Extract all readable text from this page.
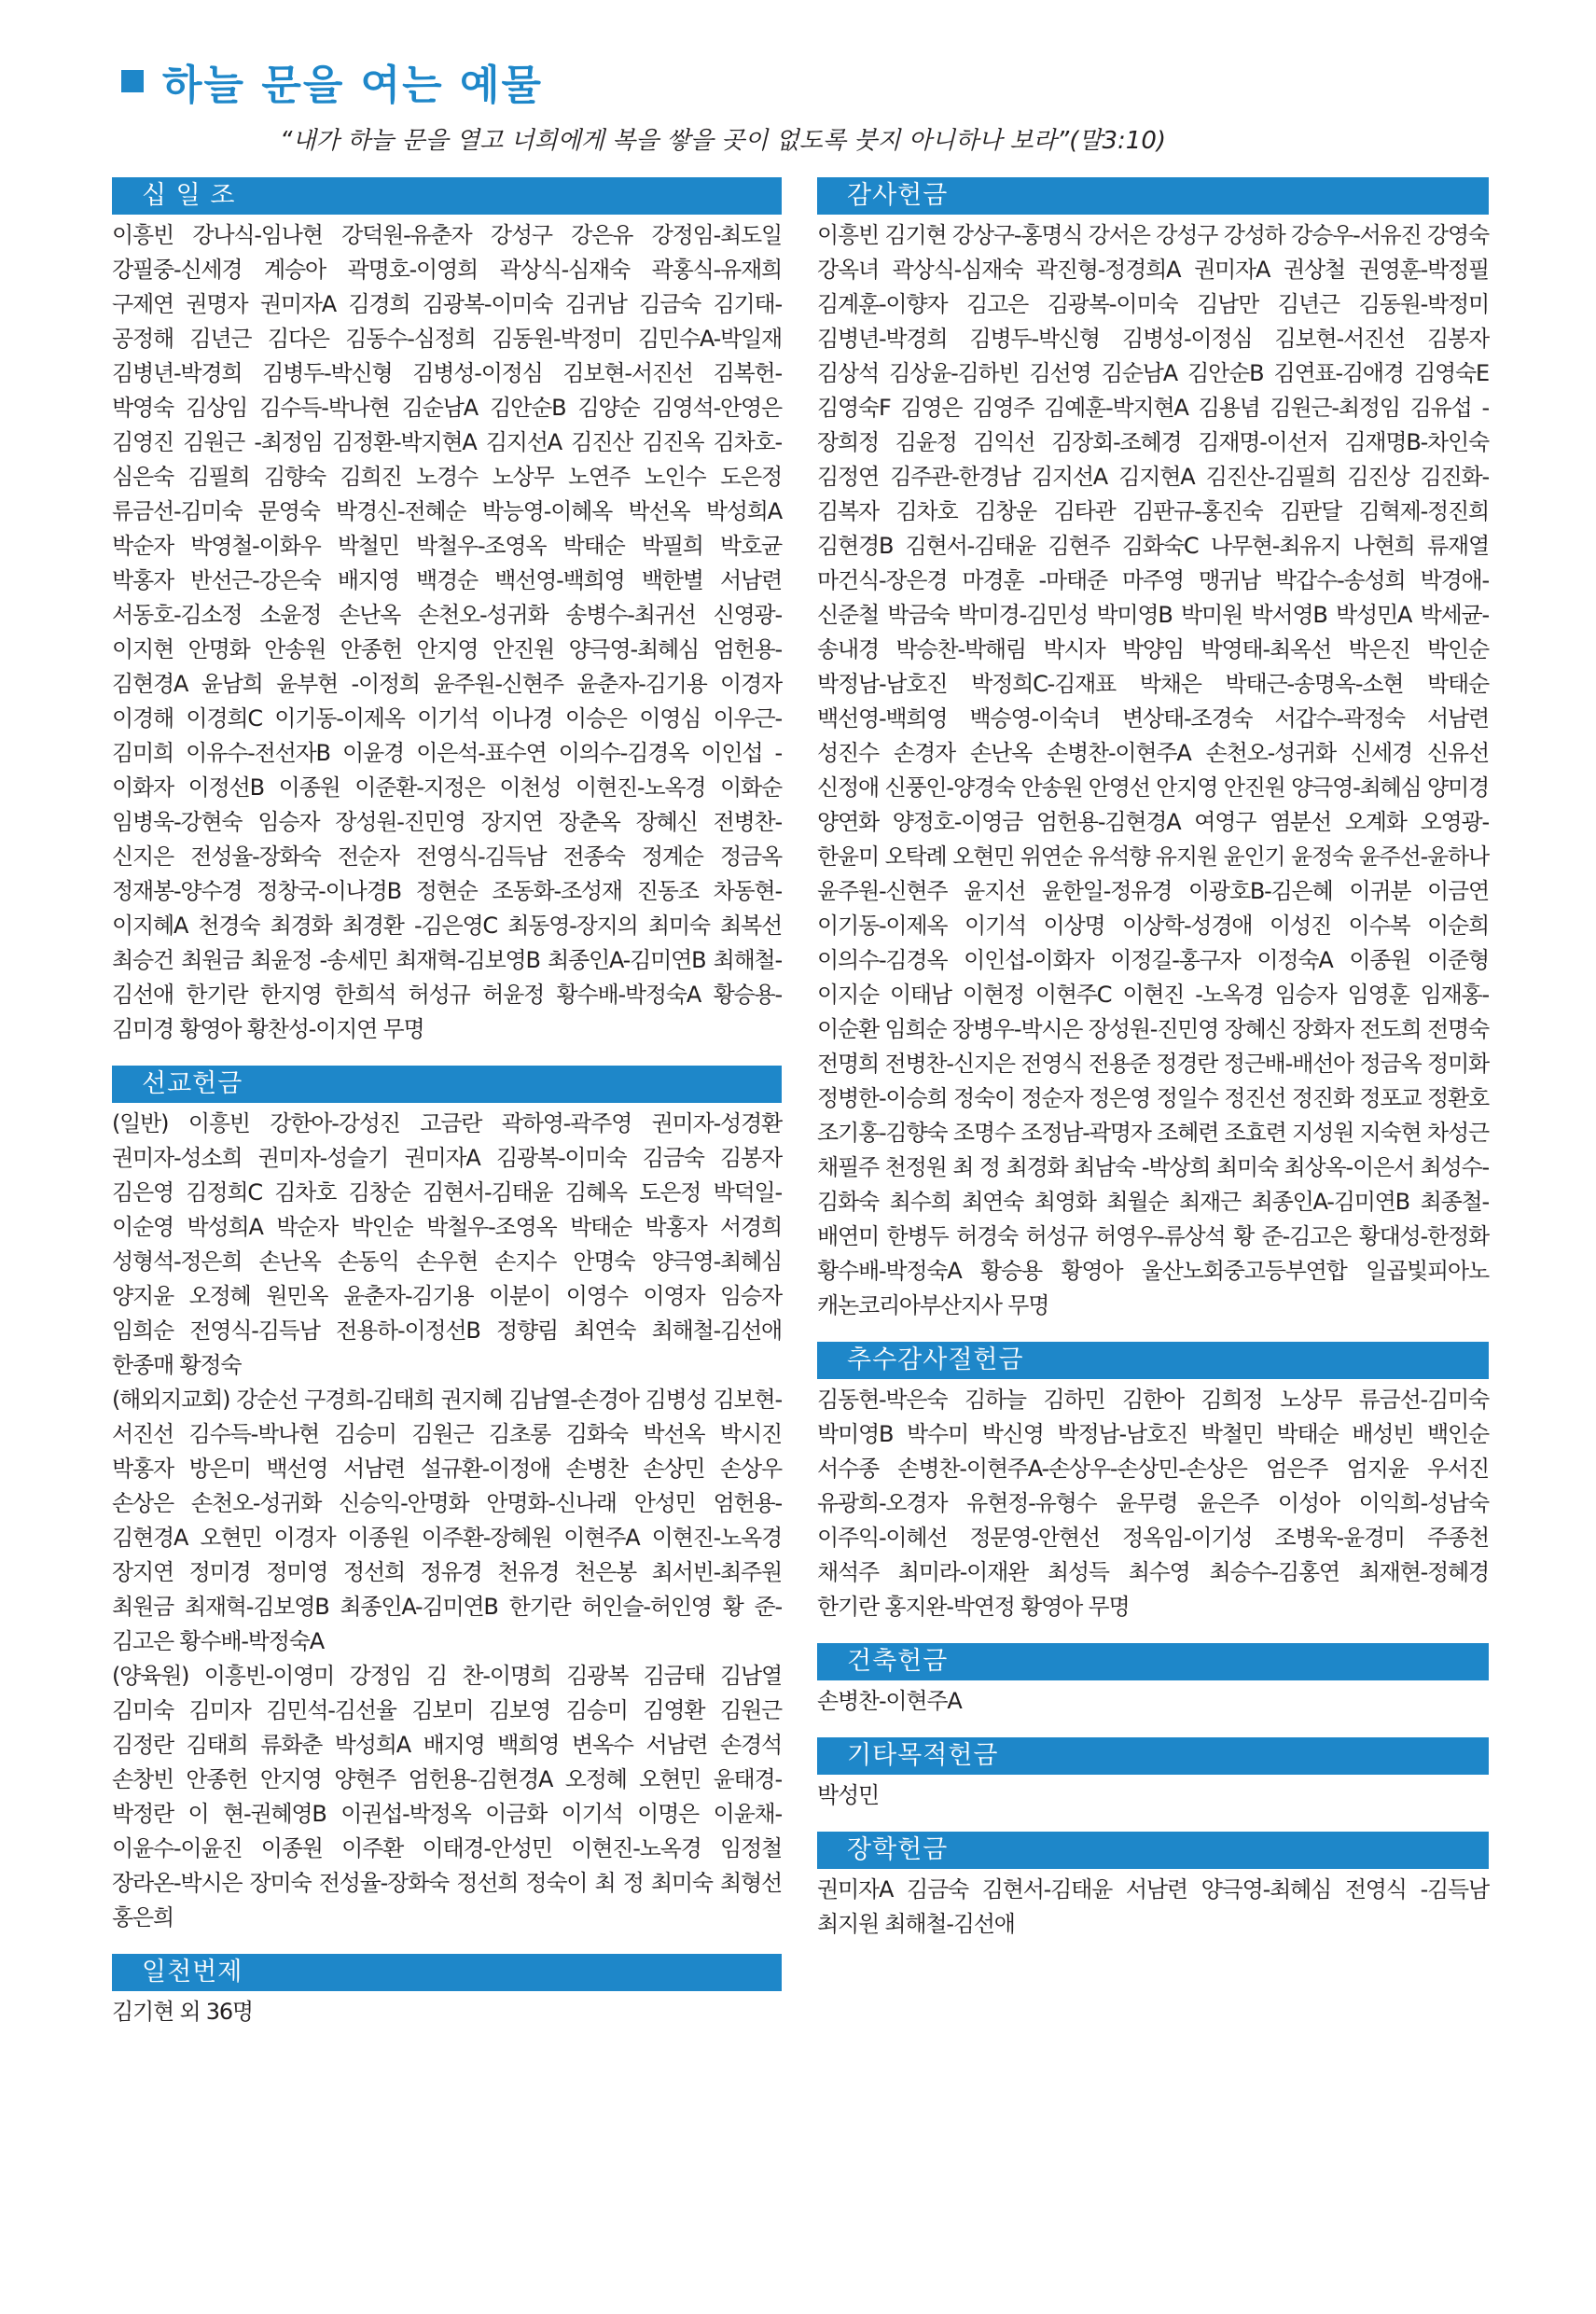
하늘 문을 여는 예물
“내가 하늘 문을 열고 너희에게 복을 쌓을 곳이 없도록 붓지 아니하나 보라”(말3:10)
십 일 조
이흥빈 강나식-임나현 강덕원-유춘자 강성구 강은유 강정임-최도일 강필중-신세경 계승아 곽명호-이영희 곽상식-심재숙 곽홍식-유재희 구제연 권명자 권미자A 김경희 김광복-이미숙 김귀남 김금숙 김기태-공정해 김년근 김다은 김동수-심정희 김동원-박정미 김민수A-박일재 김병년-박경희 김병두-박신형 김병성-이정심 김보현-서진선 김복헌-박영숙 김상임 김수득-박나현 김순남A 김안순B 김양순 김영석-안영은 김영진 김원근 -최정임 김정환-박지현A 김지선A 김진산 김진옥 김차호-심은숙 김필희 김향숙 김희진 노경수 노상무 노연주 노인수 도은정 류금선-김미숙 문영숙 박경신-전혜순 박능영-이혜옥 박선옥 박성희A 박순자 박영철-이화우 박철민 박철우-조영옥 박태순 박필희 박호균 박홍자 반선근-강은숙 배지영 백경순 백선영-백희영 백한별 서남련 서동호-김소정 소윤정 손난옥 손천오-성귀화 송병수-최귀선 신영광-이지현 안명화 안송원 안종헌 안지영 안진원 양극영-최혜심 엄헌용-김현경A 윤남희 윤부현 -이정희 윤주원-신현주 윤춘자-김기용 이경자 이경해 이경희C 이기동-이제옥 이기석 이나경 이승은 이영심 이우근-김미희 이유수-전선자B 이윤경 이은석-표수연 이의수-김경옥 이인섭 -이화자 이정선B 이종원 이준환-지정은 이천성 이현진-노옥경 이화순 임병욱-강현숙 임승자 장성원-진민영 장지연 장춘옥 장혜신 전병찬-신지은 전성율-장화숙 전순자 전영식-김득남 전종숙 정계순 정금옥 정재봉-양수경 정창국-이나경B 정현순 조동화-조성재 진동조 차동현-이지혜A 천경숙 최경화 최경환 -김은영C 최동영-장지의 최미숙 최복선 최승건 최원금 최윤정 -송세민 최재혁-김보영B 최종인A-김미연B 최해철-김선애 한기란 한지영 한희석 허성규 허윤정 황수배-박정숙A 황승용-김미경 황영아 황찬성-이지연 무명
선교헌금

(일반) 이흥빈 강한아-강성진 고금란 곽하영-곽주영 권미자-성경환 권미자-성소희 권미자-성슬기 권미자A 김광복-이미숙 김금숙 김봉자 김은영 김정희C 김차호 김창순 김현서-김태윤 김혜옥 도은정 박덕일-이순영 박성희A 박순자 박인순 박철우-조영옥 박태순 박홍자 서경희 성형석-정은희 손난옥 손동익 손우현 손지수 안명숙 양극영-최혜심 양지윤 오정혜 원민옥 윤춘자-김기용 이분이 이영수 이영자 임승자 임희순 전영식-김득남 전용하-이정선B 정향림 최연숙 최해철-김선애 한종매 황정숙

(해외지교회) 강순선 구경희-김태희 권지혜 김남열-손경아 김병성 김보현-서진선 김수득-박나현 김승미 김원근 김초롱 김화숙 박선옥 박시진 박홍자 방은미 백선영 서남련 설규환-이정애 손병찬 손상민 손상우 손상은 손천오-성귀화 신승익-안명화 안명화-신나래 안성민 엄헌용-김현경A 오현민 이경자 이종원 이주환-장혜원 이현주A 이현진-노옥경 장지연 정미경 정미영 정선희 정유경 천유경 천은봉 최서빈-최주원 최원금 최재혁-김보영B 최종인A-김미연B 한기란 허인슬-허인영 황 준-김고은 황수배-박정숙A

(양육원) 이흥빈-이영미 강정임 김 찬-이명희 김광복 김금태 김남열 김미숙 김미자 김민석-김선율 김보미 김보영 김승미 김영환 김원근 김정란 김태희 류화춘 박성희A 배지영 백희영 변옥수 서남련 손경석 손창빈 안종헌 안지영 양현주 엄헌용-김현경A 오정혜 오현민 윤태경-박정란 이 현-권혜영B 이권섭-박정옥 이금화 이기석 이명은 이윤채-이윤수-이윤진 이종원 이주환 이태경-안성민 이현진-노옥경 임정철 장라온-박시은 장미숙 전성율-장화숙 정선희 정숙이 최 정 최미숙 최형선 홍은희

일천번제
김기현 외 36명
감사헌금
이흥빈 김기현 강상구-홍명식 강서은 강성구 강성하 강승우-서유진 강영숙 강옥녀 곽상식-심재숙 곽진형-정경희A 권미자A 권상철 권영훈-박정필 김계훈-이향자 김고은 김광복-이미숙 김남만 김년근 김동원-박정미 김병년-박경희 김병두-박신형 김병성-이정심 김보현-서진선 김봉자 김상석 김상윤-김하빈 김선영 김순남A 김안순B 김연표-김애경 김영숙E 김영숙F 김영은 김영주 김예훈-박지현A 김용념 김원근-최정임 김유섭 -장희정 김윤정 김익선 김장회-조혜경 김재명-이선저 김재명B-차인숙 김정연 김주관-한경남 김지선A 김지현A 김진산-김필희 김진상 김진화-김복자 김차호 김창운 김타관 김판규-홍진숙 김판달 김혁제-정진희 김현경B 김현서-김태윤 김현주 김화숙C 나무현-최유지 나현희 류재열 마건식-장은경 마경훈 -마태준 마주영 맹귀남 박갑수-송성희 박경애-신준철 박금숙 박미경-김민성 박미영B 박미원 박서영B 박성민A 박세균-송내경 박승찬-박해림 박시자 박양임 박영태-최옥선 박은진 박인순 박정남-남호진 박정희C-김재표 박채은 박태근-송명옥-소현 박태순 백선영-백희영 백승영-이숙녀 변상태-조경숙 서갑수-곽정숙 서남련 성진수 손경자 손난옥 손병찬-이현주A 손천오-성귀화 신세경 신유선 신정애 신풍인-양경숙 안송원 안영선 안지영 안진원 양극영-최혜심 양미경 양연화 양정호-이영금 엄헌용-김현경A 여영구 염분선 오계화 오영광-한윤미 오탁례 오현민 위연순 유석향 유지원 윤인기 윤정숙 윤주선-윤하나 윤주원-신현주 윤지선 윤한일-정유경 이광호B-김은혜 이귀분 이금연 이기동-이제옥 이기석 이상명 이상학-성경애 이성진 이수복 이순희 이의수-김경옥 이인섭-이화자 이정길-홍구자 이정숙A 이종원 이준형 이지순 이태남 이현정 이현주C 이현진 -노옥경 임승자 임영훈 임재홍-이순환 임희순 장병우-박시은 장성원-진민영 장혜신 장화자 전도희 전명숙 전명희 전병찬-신지은 전영식 전용준 정경란 정근배-배선아 정금옥 정미화 정병한-이승희 정숙이 정순자 정은영 정일수 정진선 정진화 정포교 정환호 조기홍-김향숙 조명수 조정남-곽명자 조혜련 조효련 지성원 지숙현 차성근 채필주 천정원 최 정 최경화 최남숙 -박상희 최미숙 최상옥-이은서 최성수-김화숙 최수희 최연숙 최영화 최월순 최재근 최종인A-김미연B 최종철-배연미 한병두 허경숙 허성규 허영우-류상석 황 준-김고은 황대성-한정화 황수배-박정숙A 황승용 황영아 울산노회중고등부연합 일곱빛피아노 캐논코리아부산지사 무명
추수감사절헌금
김동현-박은숙 김하늘 김하민 김한아 김희정 노상무 류금선-김미숙 박미영B 박수미 박신영 박정남-남호진 박철민 박태순 배성빈 백인순 서수종 손병찬-이현주A-손상우-손상민-손상은 엄은주 엄지윤 우서진 유광희-오경자 유현정-유형수 윤무령 윤은주 이성아 이익희-성남숙 이주익-이혜선 정문영-안현선 정옥임-이기성 조병욱-윤경미 주종천 채석주 최미라-이재완 최성득 최수영 최승수-김홍연 최재현-정혜경 한기란 홍지완-박연정 황영아 무명
건축헌금
손병찬-이현주A
기타목적헌금
박성민
장학헌금
권미자A 김금숙 김현서-김태윤 서남련 양극영-최혜심 전영식 -김득남 최지원 최해철-김선애
